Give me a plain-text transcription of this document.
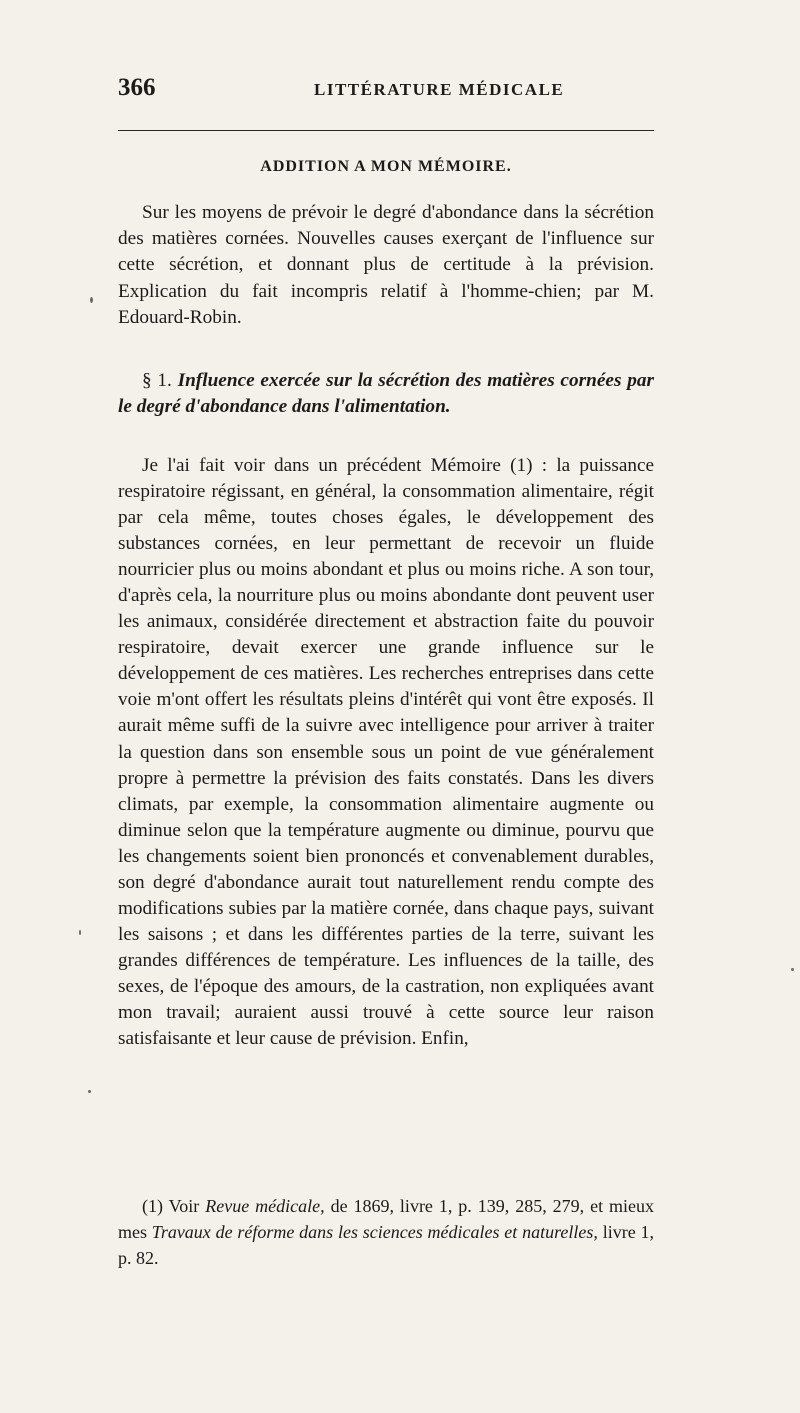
366	LITTÉRATURE MÉDICALE
ADDITION A MON MÉMOIRE.

Sur les moyens de prévoir le degré d'abondance dans la sécrétion des matières cornées. Nouvelles causes exerçant de l'influence sur cette sécrétion, et donnant plus de certitude à la prévision. Explication du fait incompris relatif à l'homme-chien; par M. Edouard-Robin.

§ 1. Influence exercée sur la sécrétion des matières cornées par le degré d'abondance dans l'alimentation.

Je l'ai fait voir dans un précédent Mémoire (1) : la puissance respiratoire régissant, en général, la consommation alimentaire, régit par cela même, toutes choses égales, le développement des substances cornées, en leur permettant de recevoir un fluide nourricier plus ou moins abondant et plus ou moins riche. A son tour, d'après cela, la nourriture plus ou moins abondante dont peuvent user les animaux, considérée directement et abstraction faite du pouvoir respiratoire, devait exercer une grande influence sur le développement de ces matières. Les recherches entreprises dans cette voie m'ont offert les résultats pleins d'intérêt qui vont être exposés. Il aurait même suffi de la suivre avec intelligence pour arriver à traiter la question dans son ensemble sous un point de vue généralement propre à permettre la prévision des faits constatés. Dans les divers climats, par exemple, la consommation alimentaire augmente ou diminue selon que la température augmente ou diminue, pourvu que les changements soient bien prononcés et convenablement durables, son degré d'abondance aurait tout naturellement rendu compte des modifications subies par la matière cornée, dans chaque pays, suivant les saisons ; et dans les différentes parties de la terre, suivant les grandes différences de température. Les influences de la taille, des sexes, de l'époque des amours, de la castration, non expliquées avant mon travail; auraient aussi trouvé à cette source leur raison satisfaisante et leur cause de prévision. Enfin,

(1) Voir Revue médicale, de 1869, livre 1, p. 139, 285, 279, et mieux mes Travaux de réforme dans les sciences médicales et naturelles, livre 1, p. 82.
